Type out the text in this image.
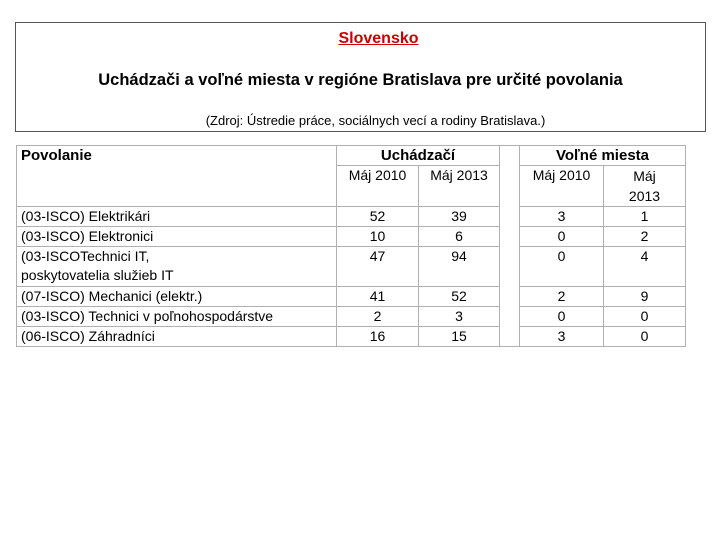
Slovensko
Uchádzači a voľné miesta v regióne Bratislava pre určité povolania
(Zdroj: Ústredie práce, sociálnych vecí a rodiny Bratislava.)
Povolanie	Uchádzačí			Voľné miesta	
	Máj 2010	Máj 2013		Máj 2010	Máj
2013

(03-ISCO) Elektrikári	52	39		3	1
(03-ISCO) Elektronici	10	6		0	2
(03-ISCOTechnici IT,
poskytovatelia služieb IT	47	94		0	4
(07-ISCO) Mechanici (elektr.)	41	52		2	9
(03-ISCO) Technici v poľnohospodárstve	2	3		0	0
(06-ISCO) Záhradníci	16	15		3	0
